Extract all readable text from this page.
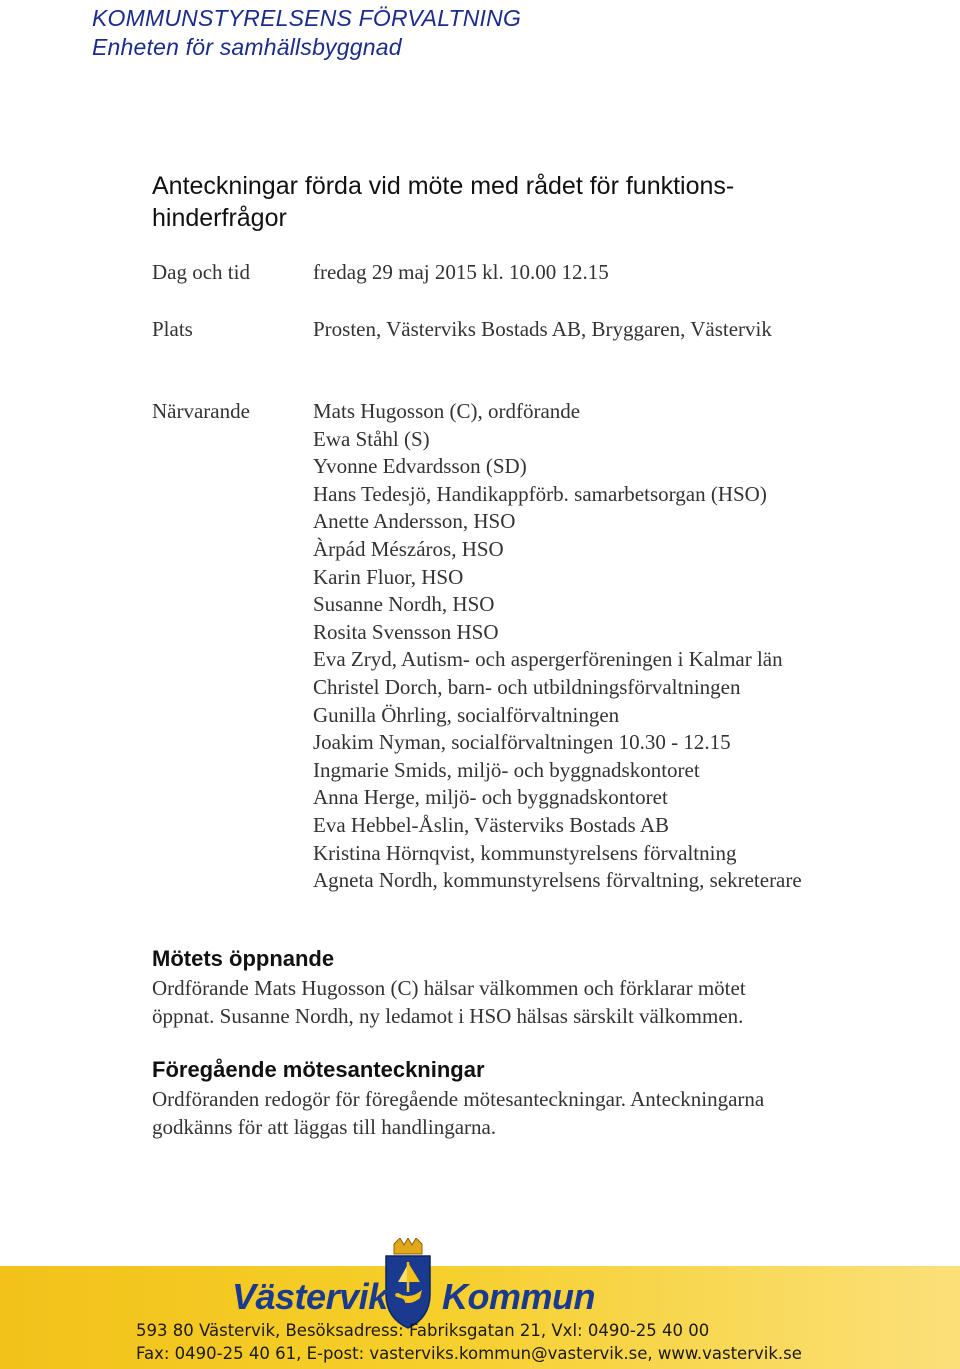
KOMMUNSTYRELSENS FÖRVALTNING
Enheten för samhällsbyggnad
Anteckningar förda vid möte med rådet för funktions-hinderfrågor
Dag och tid	fredag 29 maj 2015 kl. 10.00 12.15
Plats	Prosten, Västerviks Bostads AB, Bryggaren, Västervik
Närvarande	Mats Hugosson (C), ordförande
Ewa Ståhl (S)
Yvonne Edvardsson (SD)
Hans Tedesjö, Handikappförb. samarbetsorgan (HSO)
Anette Andersson, HSO
Àrpád Mészáros, HSO
Karin Fluor, HSO
Susanne Nordh, HSO
Rosita Svensson HSO
Eva Zryd, Autism- och aspergerföreningen i Kalmar län
Christel Dorch, barn- och utbildningsförvaltningen
Gunilla Öhrling, socialförvaltningen
Joakim Nyman, socialförvaltningen 10.30 - 12.15
Ingmarie Smids, miljö- och byggnadskontoret
Anna Herge, miljö- och byggnadskontoret
Eva Hebbel-Åslin, Västerviks Bostads AB
Kristina Hörnqvist, kommunstyrelsens förvaltning
Agneta Nordh, kommunstyrelsens förvaltning, sekreterare
Mötets öppnande
Ordförande Mats Hugosson (C) hälsar välkommen och förklarar mötet
öppnat. Susanne Nordh, ny ledamot i HSO hälsas särskilt välkommen.
Föregående mötesanteckningar
Ordföranden redogör för föregående mötesanteckningar. Anteckningarna
godkänns för att läggas till handlingarna.
Västerviks Kommun
593 80 Västervik, Besöksadress: Fabriksgatan 21, Vxl: 0490-25 40 00
Fax: 0490-25 40 61, E-post: vasterviks.kommun@vastervik.se, www.vastervik.se
